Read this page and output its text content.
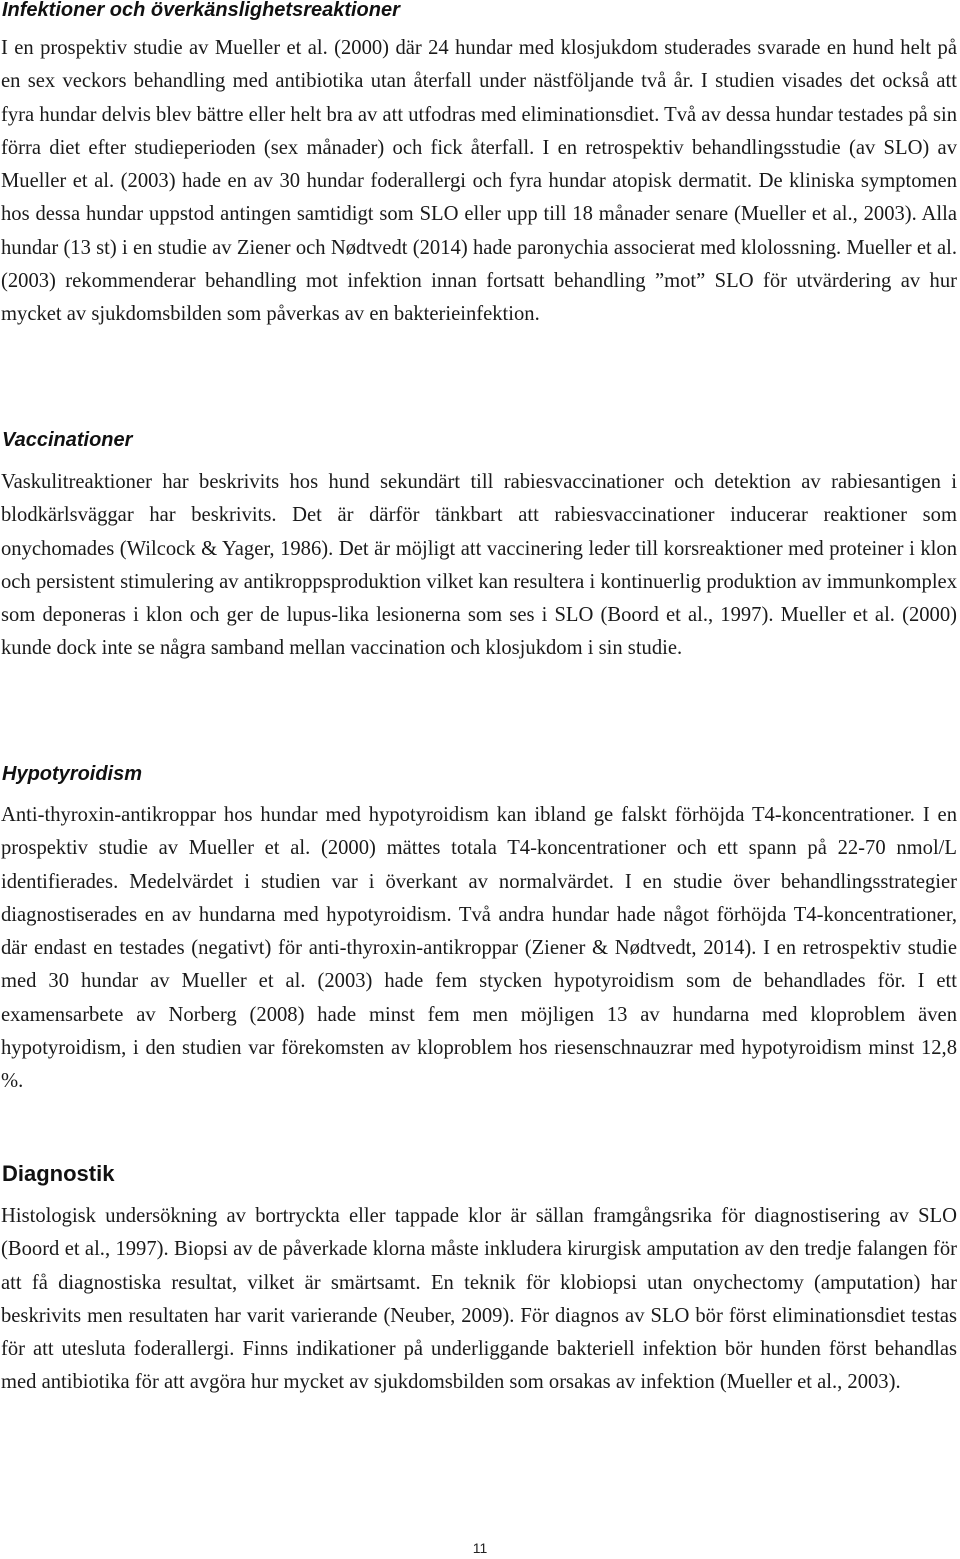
Infektioner och överkänslighetsreaktioner

I en prospektiv studie av Mueller et al. (2000) där 24 hundar med klosjukdom studerades svarade en hund helt på en sex veckors behandling med antibiotika utan återfall under nästföljande två år. I studien visades det också att fyra hundar delvis blev bättre eller helt bra av att utfodras med eliminationsdiet. Två av dessa hundar testades på sin förra diet efter studieperioden (sex månader) och fick återfall. I en retrospektiv behandlingsstudie (av SLO) av Mueller et al. (2003) hade en av 30 hundar foderallergi och fyra hundar atopisk dermatit. De kliniska symptomen hos dessa hundar uppstod antingen samtidigt som SLO eller upp till 18 månader senare (Mueller et al., 2003). Alla hundar (13 st) i en studie av Ziener och Nødtvedt (2014) hade paronychia associerat med klolossning. Mueller et al. (2003) rekommenderar behandling mot infektion innan fortsatt behandling ”mot” SLO för utvärdering av hur mycket av sjukdomsbilden som påverkas av en bakterieinfektion.

Vaccinationer

Vaskulitreaktioner har beskrivits hos hund sekundärt till rabiesvaccinationer och detektion av rabiesantigen i blodkärlsväggar har beskrivits. Det är därför tänkbart att rabiesvaccinationer inducerar reaktioner som onychomades (Wilcock & Yager, 1986). Det är möjligt att vaccinering leder till korsreaktioner med proteiner i klon och persistent stimulering av antikroppsproduktion vilket kan resultera i kontinuerlig produktion av immunkomplex som deponeras i klon och ger de lupus-lika lesionerna som ses i SLO (Boord et al., 1997). Mueller et al. (2000) kunde dock inte se några samband mellan vaccination och klosjukdom i sin studie.

Hypotyroidism

Anti-thyroxin-antikroppar hos hundar med hypotyroidism kan ibland ge falskt förhöjda T4-koncentrationer. I en prospektiv studie av Mueller et al. (2000) mättes totala T4-koncentrationer och ett spann på 22-70 nmol/L identifierades. Medelvärdet i studien var i överkant av normalvärdet. I en studie över behandlingsstrategier diagnostiserades en av hundarna med hypotyroidism. Två andra hundar hade något förhöjda T4-koncentrationer, där endast en testades (negativt) för anti-thyroxin-antikroppar (Ziener & Nødtvedt, 2014). I en retrospektiv studie med 30 hundar av Mueller et al. (2003) hade fem stycken hypotyroidism som de behandlades för. I ett examensarbete av Norberg (2008) hade minst fem men möjligen 13 av hundarna med kloproblem även hypotyroidism, i den studien var förekomsten av kloproblem hos riesenschnauzrar med hypotyroidism minst 12,8 %.

Diagnostik

Histologisk undersökning av bortryckta eller tappade klor är sällan framgångsrika för diagnostisering av SLO (Boord et al., 1997). Biopsi av de påverkade klorna måste inkludera kirurgisk amputation av den tredje falangen för att få diagnostiska resultat, vilket är smärtsamt. En teknik för klobiopsi utan onychectomy (amputation) har beskrivits men resultaten har varit varierande (Neuber, 2009). För diagnos av SLO bör först eliminationsdiet testas för att utesluta foderallergi. Finns indikationer på underliggande bakteriell infektion bör hunden först behandlas med antibiotika för att avgöra hur mycket av sjukdomsbilden som orsakas av infektion (Mueller et al., 2003).

11
